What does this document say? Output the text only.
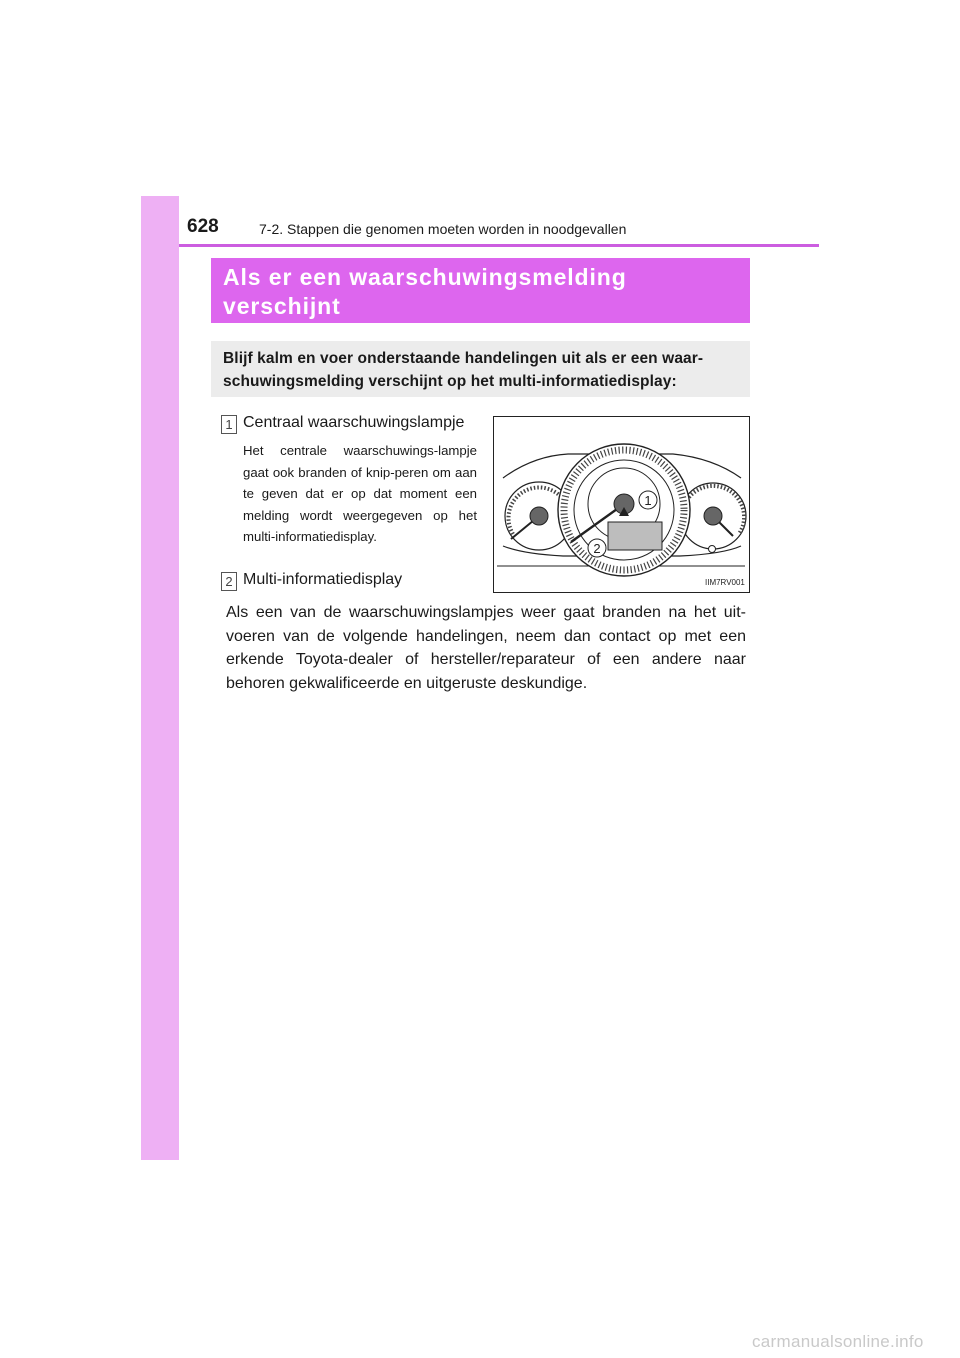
628	7-2. Stappen die genomen moeten worden in noodgevallen
Als er een waarschuwingsmelding
verschijnt
Blijf kalm en voer onderstaande handelingen uit als er een waar-
schuwingsmelding verschijnt op het multi-informatiedisplay:
1 Centraal waarschuwingslampje
Het centrale waarschuwings-lampje gaat ook branden of knip-peren om aan te geven dat er op dat moment een melding wordt weergegeven op het multi-informatiedisplay.
2 Multi-informatiedisplay
Als een van de waarschuwingslampjes weer gaat branden na het uit-voeren van de volgende handelingen, neem dan contact op met een erkende Toyota-dealer of hersteller/reparateur of een andere naar behoren gekwalificeerde en uitgeruste deskundige.
1
2
IIM7RV001
carmanualsonline.info
